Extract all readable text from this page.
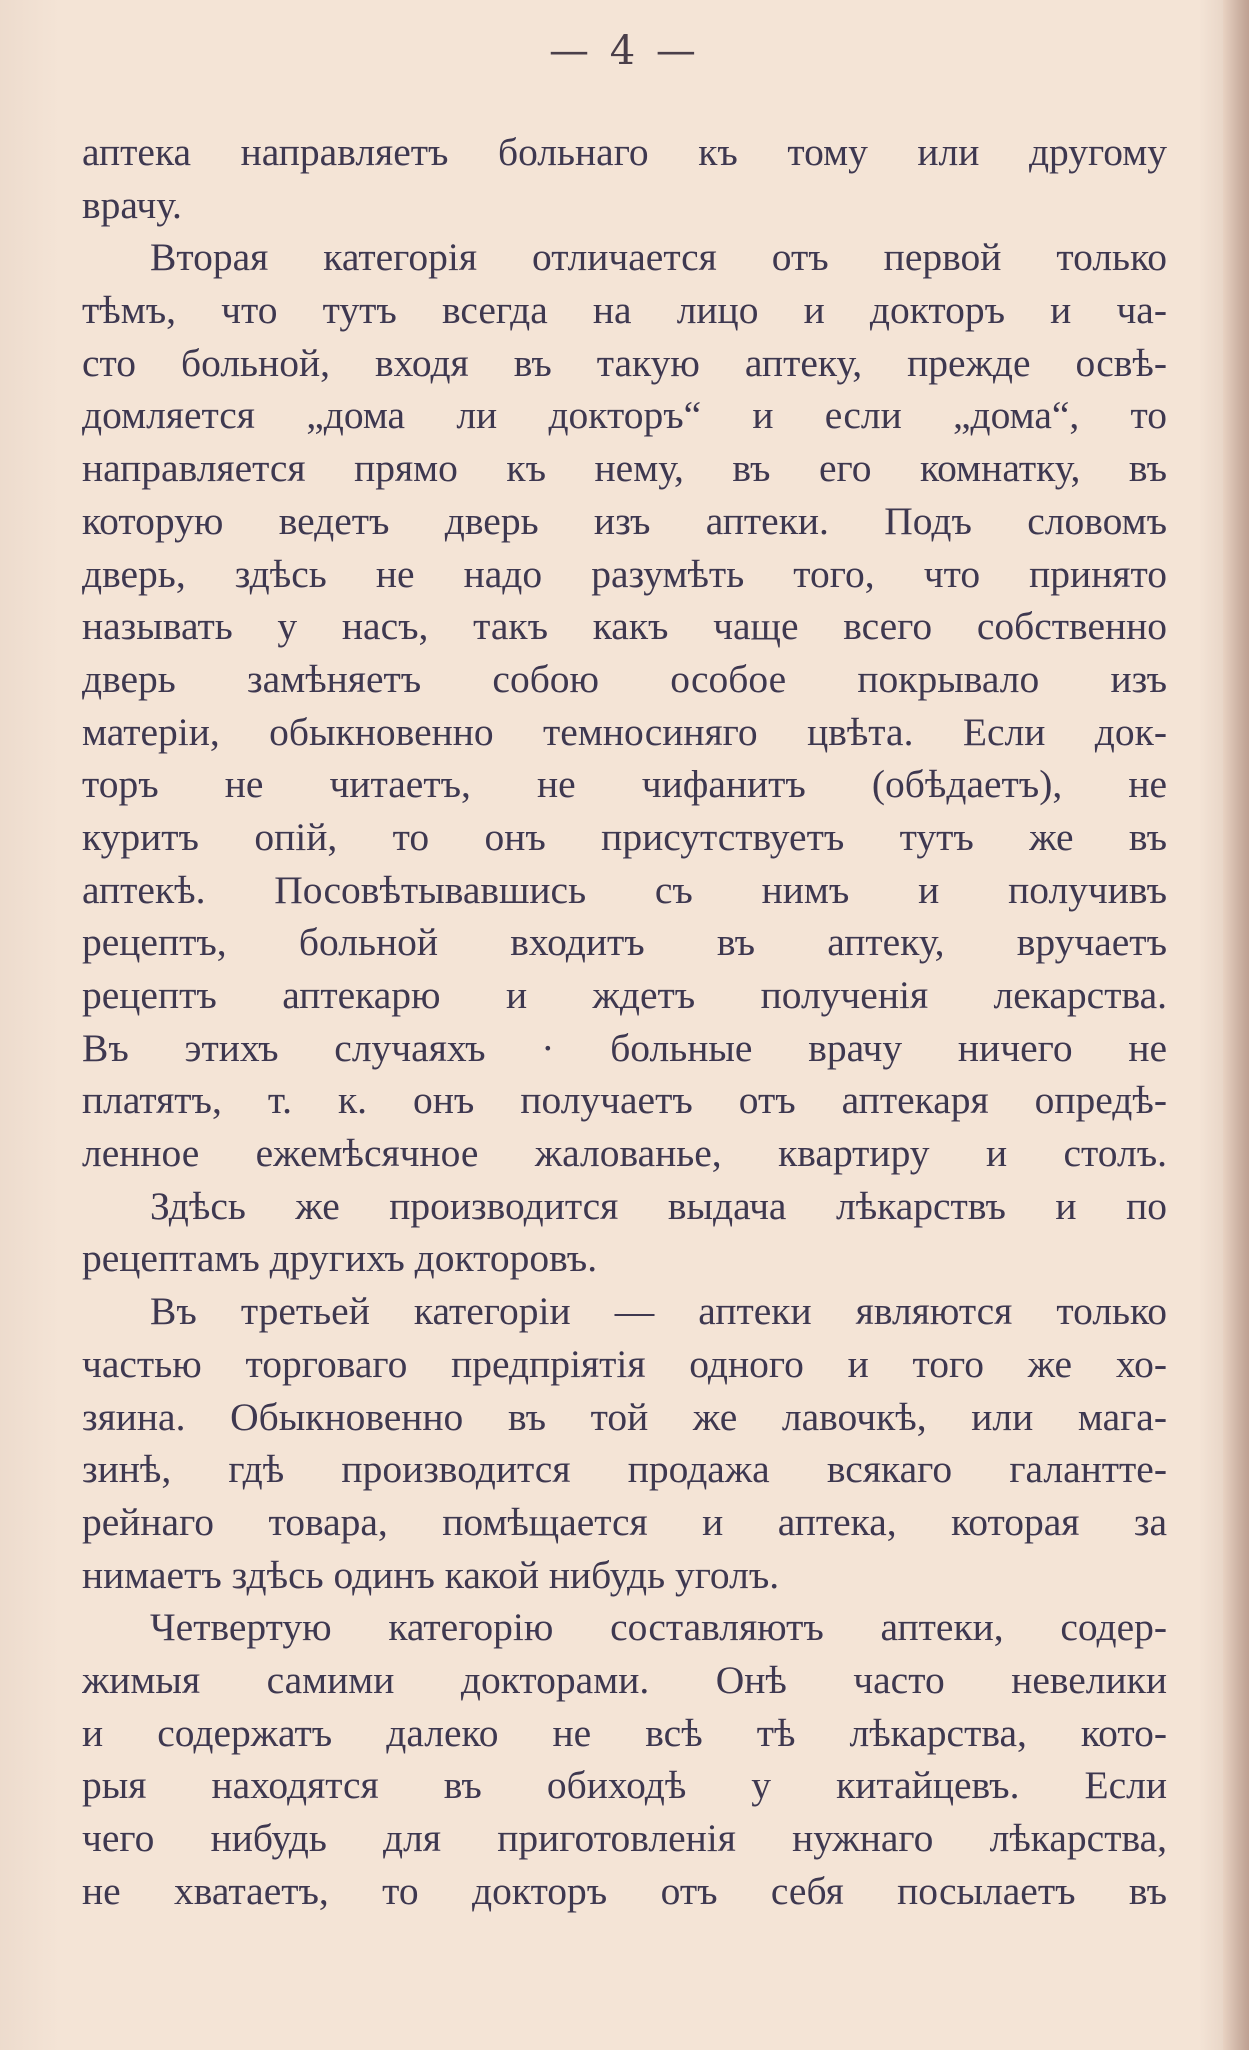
— 4 —
аптека направляетъ больнаго къ тому или другому
врачу.
Вторая категорія отличается отъ первой только
тѣмъ, что тутъ всегда на лицо и докторъ и ча-
сто больной, входя въ такую аптеку, прежде освѣ-
домляется „дома ли докторъ“ и если „дома“, то
направляется прямо къ нему, въ его комнатку, въ
которую ведетъ дверь изъ аптеки. Подъ словомъ
дверь, здѣсь не надо разумѣть того, что принято
называть у насъ, такъ какъ чаще всего собственно
дверь замѣняетъ собою особое покрывало изъ
матеріи, обыкновенно темносиняго цвѣта. Если док-
торъ не читаетъ, не чифанитъ (обѣдаетъ), не
куритъ опій, то онъ присутствуетъ тутъ же въ
аптекѣ. Посовѣтывавшись съ нимъ и получивъ
рецептъ, больной входитъ въ аптеку, вручаетъ
рецептъ аптекарю и ждетъ полученія лекарства.
Въ этихъ случаяхъ · больные врачу ничего не
платятъ, т. к. онъ получаетъ отъ аптекаря опредѣ-
ленное ежемѣсячное жалованье, квартиру и столъ.
Здѣсь же производится выдача лѣкарствъ и по
рецептамъ другихъ докторовъ.
Въ третьей категоріи — аптеки являются только
частью торговаго предпріятія одного и того же хо-
зяина. Обыкновенно въ той же лавочкѣ, или мага-
зинѣ, гдѣ производится продажа всякаго галантте-
рейнаго товара, помѣщается и аптека, которая за
нимаетъ здѣсь одинъ какой нибудь уголъ.
Четвертую категорію составляютъ аптеки, содер-
жимыя самими докторами. Онѣ часто невелики
и содержатъ далеко не всѣ тѣ лѣкарства, кото-
рыя находятся въ обиходѣ у китайцевъ. Если
чего нибудь для приготовленія нужнаго лѣкарства,
не хватаетъ, то докторъ отъ себя посылаетъ въ
